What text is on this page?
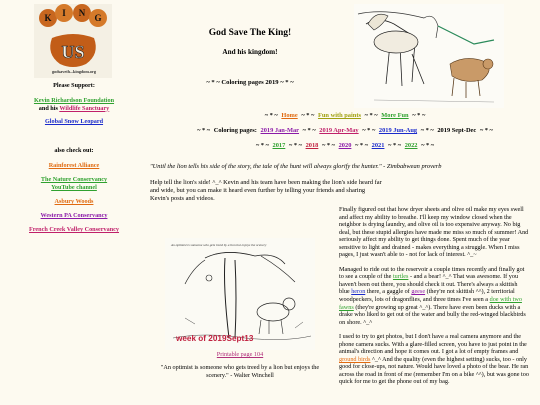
K I N G
US
godsaveth...kingdom.org
Please Support:
Kevin Richardson Foundation
and his Wildlife Sanctuary
Global Snow Leopard
also check out:
Rainforest Alliance
The Nature Conservancy
YouTube channel
Asbury Woods
Western PA Conservancy
French Creek Valley Conservancy
God Save The King!
And his kingdom!
~ * ~ Coloring pages 2019 ~ * ~
~ * ~ Home ~ * ~ Fun with paints ~ * ~ More Fun ~ * ~
~ * ~ Coloring pages: 2019 Jan-Mar ~ * ~ 2019 Apr-May ~ * ~ 2019 Jun-Aug ~ * ~ 2019 Sept-Dec ~ * ~
~ * ~ 2017 ~ * ~ 2018 ~ * ~ 2020 ~ * ~ 2021 ~ * ~ 2022 ~ * ~
"Until the lion tells his side of the story, the tale of the hunt will always glorify the hunter." - Zimbabwean proverb
Help tell the lion's side! ^_^ Kevin and his team have been making the lion's side heard far and wide, but you can make it heard even further by telling your friends and sharing Kevin's posts and videos.
An optimist is someone who gets treed by a lion but enjoys the scenery
week of 2019Sept13
Printable page 104
"An optimist is someone who gets treed by a lion but enjoys the scenery." - Walter Winchell

Finally figured out that how dryer sheets and olive oil make my eyes swell and affect my ability to breathe. I'll keep my window closed when the neighbor is drying laundry, and olive oil is too expensive anyway. No big deal, but these stupid allergies have made me miss so much of summer! And seriously affect my ability to get things done. Spent much of the year sensitive to light and drained - makes everything a struggle. When I miss pages, I just wasn't able to - not for lack of interest. ^_~

Managed to ride out to the reservoir a couple times recently and finally got to see a couple of the turtles - and a bear! ^_^ That was awesome. If you haven't been out there, you should check it out. There's always a skittish blue heron there, a gaggle of geese (they're not skittish ^^), 2 territorial woodpeckers, lots of dragonflies, and three times I've seen a doe with two fawns (they're growing up great ^_^). There have even been ducks with a drake who liked to get out of the water and bully the red-winged blackbirds on shore. ^_^

I used to try to get photos, but I don't have a real camera anymore and the phone camera sucks. With a glare-filled screen, you have to just point in the animal's direction and hope it comes out. I got a lot of empty frames and ground birds ^_^ And the quality (even the highest setting) sucks, too - only good for close-ups, not nature. Would have loved a photo of the bear. He ran across the road in front of me (remember I'm on a bike ^^), but was gone too quick for me to get the phone out of my bag.
